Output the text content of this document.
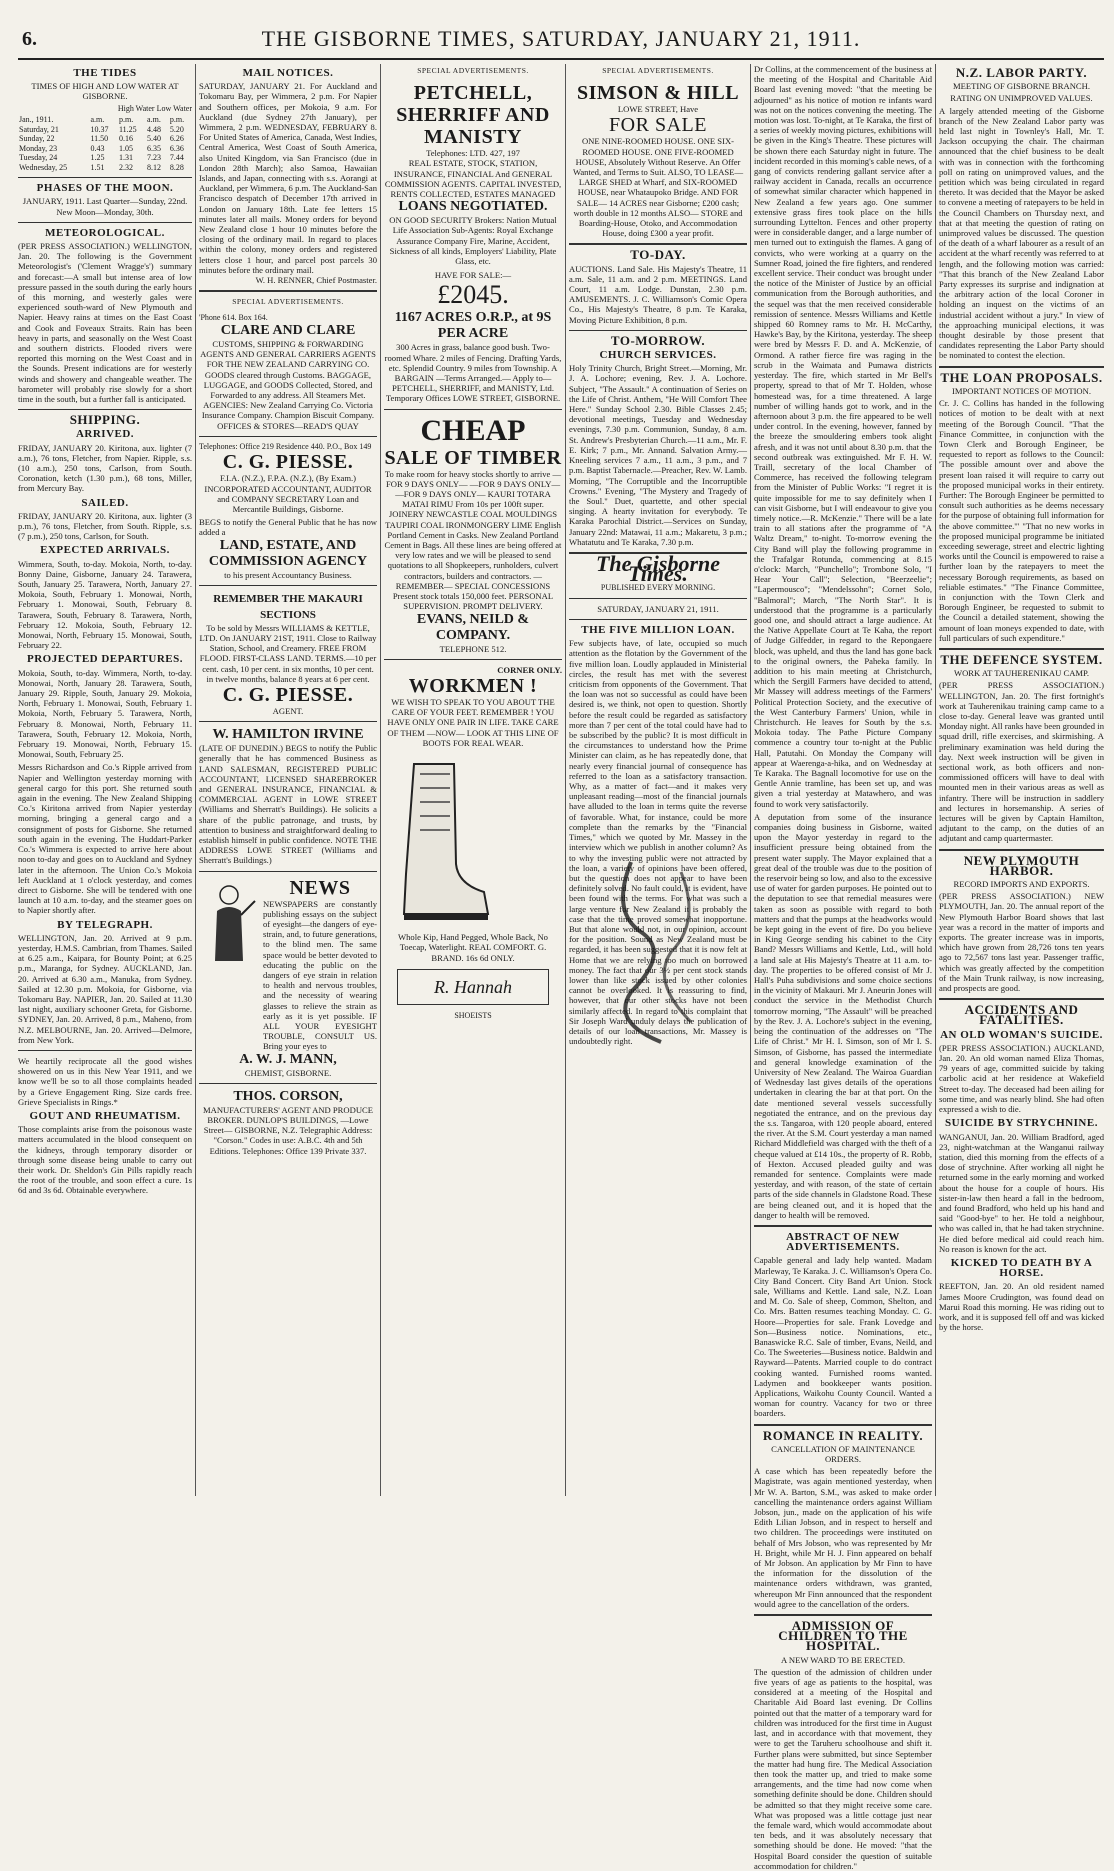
6.	THE GISBORNE TIMES, SATURDAY, JANUARY 21, 1911.
THE TIDES
TIMES OF HIGH AND LOW WATER AT GISBORNE.
High Water Low Water
Jan., 1911.	a.m.	p.m.	a.m.	p.m.
Saturday, 21	10.37	11.25	4.48	5.20
Sunday, 22	11.50	0.16	5.40	6.26
Monday, 23	0.43	1.05	6.35	6.36
Tuesday, 24	1.25	1.31	7.23	7.44
Wednesday, 25	1.51	2.32	8.12	8.28
PHASES OF THE MOON.
JANUARY, 1911. Last Quarter—Sunday, 22nd. New Moon—Monday, 30th.
METEOROLOGICAL.
(PER PRESS ASSOCIATION.) WELLINGTON, Jan. 20. The following is the Government Meteorologist's ('Clement Wragge's') summary and forecast:—A small but intense area of low pressure passed in the south during the early hours of this morning, and westerly gales were experienced south-ward of New Plymouth and Napier. Heavy rains at times on the East Coast and Cook and Foveaux Straits. Rain has been heavy in parts, and seasonally on the West Coast and southern districts. Flooded rivers were reported this morning on the West Coast and in the Sounds. Present indications are for westerly winds and showery and changeable weather. The barometer will probably rise slowly for a short time in the south, but a further fall is anticipated.
SHIPPING.
ARRIVED.
FRIDAY, JANUARY 20. Kiritona, aux. lighter (7 a.m.), 76 tons, Fletcher, from Napier. Ripple, s.s. (10 a.m.), 250 tons, Carlson, from South. Coronation, ketch (1.30 p.m.), 68 tons, Miller, from Mercury Bay.
SAILED.
FRIDAY, JANUARY 20. Kiritona, aux. lighter (3 p.m.), 76 tons, Fletcher, from South. Ripple, s.s. (7 p.m.), 250 tons, Carlson, for South.
EXPECTED ARRIVALS.
Wimmera, South, to-day. Mokoia, North, to-day. Bonny Daine, Gisborne, January 24. Tarawera, South, January 25. Tarawera, North, January 27. Mokoia, South, February 1. Monowai, North, February 1. Monowai, South, February 8. Tarawera, South, February 8. Tarawera, North, February 12. Mokoia, South, February 12. Monowai, North, February 15. Monowai, South, February 22.
PROJECTED DEPARTURES.
Mokoia, South, to-day. Wimmera, North, to-day. Monowai, North, January 28. Tarawera, South, January 29. Ripple, South, January 29. Mokoia, North, February 1. Monowai, South, February 1. Mokoia, North, February 5. Tarawera, North, February 8. Monowai, North, February 11. Tarawera, South, February 12. Mokoia, North, February 19. Monowai, North, February 15. Monowai, South, February 25.
Messrs Richardson and Co.'s Ripple arrived from Napier and Wellington yesterday morning with general cargo for this port. She returned south again in the evening. The New Zealand Shipping Co.'s Kiritona arrived from Napier yesterday morning, bringing a general cargo and a consignment of posts for Gisborne. She returned south again in the evening. The Huddart-Parker Co.'s Wimmera is expected to arrive here about noon to-day and goes on to Auckland and Sydney later in the afternoon. The Union Co.'s Mokoia left Auckland at 1 o'clock yesterday, and comes direct to Gisborne. She will be tendered with one launch at 10 a.m. to-day, and the steamer goes on to Napier shortly after.
BY TELEGRAPH.
WELLINGTON, Jan. 20. Arrived at 9 p.m. yesterday, H.M.S. Cambrian, from Thames. Sailed at 6.25 a.m., Kaipara, for Bounty Point; at 6.25 p.m., Maranga, for Sydney. AUCKLAND, Jan. 20. Arrived at 6.30 a.m., Manuka, from Sydney. Sailed at 12.30 p.m. Mokoia, for Gisborne, via Tokomaru Bay. NAPIER, Jan. 20. Sailed at 11.30 last night, auxiliary schooner Greta, for Gisborne. SYDNEY, Jan. 20. Arrived, 8 p.m., Maheno, from N.Z. MELBOURNE, Jan. 20. Arrived—Delmore, from New York.
We heartily reciprocate all the good wishes showered on us in this New Year 1911, and we know we'll be so to all those complaints headed by a Grieve Engagement Ring. Size cards free. Grieve Specialists in Rings.*
GOUT AND RHEUMATISM.
Those complaints arise from the poisonous waste matters accumulated in the blood consequent on the kidneys, through temporary disorder or through some disease being unable to carry out their work. Dr. Sheldon's Gin Pills rapidly reach the root of the trouble, and soon effect a cure. 1s 6d and 3s 6d. Obtainable everywhere.
MAIL NOTICES.
SATURDAY, JANUARY 21. For Auckland and Tokomaru Bay, per Wimmera, 2 p.m. For Napier and Southern offices, per Mokoia, 9 a.m. For Auckland (due Sydney 27th January), per Wimmera, 2 p.m. WEDNESDAY, FEBRUARY 8. For United States of America, Canada, West Indies, Central America, West Coast of South America, also United Kingdom, via San Francisco (due in London 28th March); also Samoa, Hawaiian Islands, and Japan, connecting with s.s. Aorangi at Auckland, per Wimmera, 6 p.m. The Auckland-San Francisco despatch of December 17th arrived in London on January 18th. Late fee letters 15 minutes later all mails. Money orders for beyond New Zealand close 1 hour 10 minutes before the closing of the ordinary mail. In regard to places within the colony, money orders and registered letters close 1 hour, and parcel post parcels 30 minutes before the ordinary mail.
W. H. RENNER, Chief Postmaster.
SPECIAL ADVERTISEMENTS.
'Phone 614. Box 164.
CLARE AND CLARE
CUSTOMS, SHIPPING & FORWARDING AGENTS AND GENERAL CARRIERS AGENTS FOR THE NEW ZEALAND CARRYING CO. GOODS cleared through Customs. BAGGAGE, LUGGAGE, and GOODS Collected, Stored, and Forwarded to any address. All Steamers Met. AGENCIES: New Zealand Carrying Co. Victoria Insurance Company. Champion Biscuit Company. OFFICES & STORES—READ'S QUAY
Telephones: Office 219 Residence 440. P.O., Box 149
C. G. PIESSE.
F.I.A. (N.Z.), F.P.A. (N.Z.), (By Exam.) INCORPORATED ACCOUNTANT, AUDITOR and COMPANY SECRETARY Loan and Mercantile Buildings, Gisborne.
BEGS to notify the General Public that he has now added a
LAND, ESTATE, AND COMMISSION AGENCY
to his present Accountancy Business.
REMEMBER THE MAKAURI SECTIONS
To be sold by Messrs WILLIAMS & KETTLE, LTD. On JANUARY 21ST, 1911. Close to Railway Station, School, and Creamery. FREE FROM FLOOD. FIRST-CLASS LAND. TERMS.—10 per cent. cash, 10 per cent. in six months, 10 per cent. in twelve months, balance 8 years at 6 per cent.
C. G. PIESSE.
AGENT.
W. HAMILTON IRVINE
(LATE OF DUNEDIN.) BEGS to notify the Public generally that he has commenced Business as LAND SALESMAN, REGISTERED PUBLIC ACCOUNTANT, LICENSED SHAREBROKER and GENERAL INSURANCE, FINANCIAL & COMMERCIAL AGENT in LOWE STREET (Williams and Sherratt's Buildings). He solicits a share of the public patronage, and trusts, by attention to business and straightforward dealing to establish himself in public confidence. NOTE THE ADDRESS LOWE STREET (Williams and Sherratt's Buildings.)
NEWS
NEWSPAPERS are constantly publishing essays on the subject of eyesight—the dangers of eye-strain, and, to future generations, to the blind men. The same space would be better devoted to educating the public on the dangers of eye strain in relation to health and nervous troubles, and the necessity of wearing glasses to relieve the strain as early as it is yet possible. IF ALL YOUR EYESIGHT TROUBLE, CONSULT US. Bring your eyes to
A. W. J. MANN,
CHEMIST, GISBORNE.
THOS. CORSON,
MANUFACTURERS' AGENT AND PRODUCE BROKER. DUNLOP'S BUILDINGS, —Lowe Street— GISBORNE, N.Z. Telegraphic Address: "Corson." Codes in use: A.B.C. 4th and 5th Editions. Telephones: Office 139 Private 337.
SPECIAL ADVERTISEMENTS.
PETCHELL, SHERRIFF AND MANISTY
Telephones: LTD. 427, 197
REAL ESTATE, STOCK, STATION, INSURANCE, FINANCIAL And GENERAL COMMISSION AGENTS. CAPITAL INVESTED, RENTS COLLECTED, ESTATES MANAGED
LOANS NEGOTIATED.
ON GOOD SECURITY Brokers: Nation Mutual Life Association Sub-Agents: Royal Exchange Assurance Company Fire, Marine, Accident, Sickness of all kinds, Employers' Liability, Plate Glass, etc.
HAVE FOR SALE:—
£2045.
1167 ACRES O.R.P., at 9S PER ACRE
300 Acres in grass, balance good bush. Two-roomed Whare. 2 miles of Fencing. Drafting Yards, etc. Splendid Country. 9 miles from Township. A BARGAIN —Terms Arranged.— Apply to— PETCHELL, SHERRIFF, and MANISTY, Ltd. Temporary Offices LOWE STREET, GISBORNE.
CHEAP
SALE OF TIMBER
To make room for heavy stocks shortly to arrive —FOR 9 DAYS ONLY— —FOR 9 DAYS ONLY— —FOR 9 DAYS ONLY— KAURI TOTARA MATAI RIMU From 10s per 100ft super. JOINERY NEWCASTLE COAL MOULDINGS TAUPIRI COAL IRONMONGERY LIME English Portland Cement in Casks. New Zealand Portland Cement in Bags. All these lines are being offered at very low rates and we will be pleased to send quotations to all Shopkeepers, runholders, culvert contractors, builders and contractors. —REMEMBER— SPECIAL CONCESSIONS Present stock totals 150,000 feet. PERSONAL SUPERVISION. PROMPT DELIVERY.
EVANS, NEILD & COMPANY.
TELEPHONE 512.
CORNER ONLY.
WORKMEN !
WE WISH TO SPEAK TO YOU ABOUT THE CARE OF YOUR FEET. REMEMBER ! YOU HAVE ONLY ONE PAIR IN LIFE. TAKE CARE OF THEM —NOW— LOOK AT THIS LINE OF BOOTS FOR REAL WEAR.
Whole Kip, Hand Pegged, Whole Back, No Toecap, Waterlight. REAL COMFORT. G. BRAND. 16s 6d ONLY.
R. Hannah
SHOEISTS
SPECIAL ADVERTISEMENTS.
SIMSON & HILL
LOWE STREET, Have
FOR SALE
ONE NINE-ROOMED HOUSE. ONE SIX-ROOMED HOUSE. ONE FIVE-ROOMED HOUSE, Absolutely Without Reserve. An Offer Wanted, and Terms to Suit. ALSO, TO LEASE— LARGE SHED at Wharf, and SIX-ROOMED HOUSE, near Whataupoko Bridge. AND FOR SALE— 14 ACRES near Gisborne; £200 cash; worth double in 12 months ALSO— STORE and Boarding-House, Otoko, and Accommodation House, doing £300 a year profit.
TO-DAY.
AUCTIONS. Land Sale. His Majesty's Theatre, 11 a.m. Sale, 11 a.m. and 2 p.m. MEETINGS. Land Court, 11 a.m. Lodge. Dunstan, 2.30 p.m. AMUSEMENTS. J. C. Williamson's Comic Opera Co., His Majesty's Theatre, 8 p.m. Te Karaka, Moving Picture Exhibition, 8 p.m.
TO-MORROW.
CHURCH SERVICES.
Holy Trinity Church, Bright Street.—Morning, Mr. J. A. Lochore; evening, Rev. J. A. Lochore. Subject, "The Assault." A continuation of Series on the Life of Christ. Anthem, "He Will Comfort Thee Here." Sunday School 2.30. Bible Classes 2.45; devotional meetings, Tuesday and Wednesday evenings, 7.30 p.m. Communion, Sunday, 8 a.m. St. Andrew's Presbyterian Church.—11 a.m., Mr. F. E. Kirk; 7 p.m., Mr. Annand. Salvation Army.—Kneeling services 7 a.m., 11 a.m., 3 p.m., and 7 p.m. Baptist Tabernacle.—Preacher, Rev. W. Lamb. Morning, "The Corruptible and the Incorruptible Crowns." Evening, "The Mystery and Tragedy of the Soul." Duet, quartette, and other special singing. A hearty invitation for everybody. Te Karaka Parochial District.—Services on Sunday, January 22nd: Matawai, 11 a.m.; Makaretu, 3 p.m.; Whatatutu and Te Karaka, 7.30 p.m.
The Gisborne Times.
PUBLISHED EVERY MORNING.
SATURDAY, JANUARY 21, 1911.
THE FIVE MILLION LOAN.
Few subjects have, of late, occupied so much attention as the flotation by the Government of the five million loan. Loudly applauded in Ministerial circles, the result has met with the severest criticism from opponents of the Government. That the loan was not so successful as could have been desired is, we think, not open to question. Shortly before the result could be regarded as satisfactory more than 7 per cent of the total could have had to be subscribed by the public? It is most difficult in the circumstances to understand how the Prime Minister can claim, as he has repeatedly done, that nearly every financial journal of consequence has referred to the loan as a satisfactory transaction. Why, as a matter of fact—and it makes very unpleasant reading—most of the financial journals have alluded to the loan in terms quite the reverse of favorable. What, for instance, could be more complete than the remarks by the "Financial Times," which we quoted by Mr. Massey in the interview which we publish in another column? As to why the investing public were not attracted by the loan, a variety of opinions have been offered, but the question does not appear to have been definitely solved. No fault could, it is evident, have been found with the terms. For what was such a large venture for New Zealand it is probably the case that the time proved somewhat inopportune. But that alone would not, in our opinion, account for the position. Sound as New Zealand must be regarded, it has been suggested that it is now felt at Home that we are relying too much on borrowed money. The fact that our 3½ per cent stock stands lower than like stock issued by other colonies cannot be overlooked. It is reassuring to find, however, that our other stocks have not been similarly affected. In regard to this complaint that Sir Joseph Ward unduly delays the publication of details of our loan transactions, Mr. Massey is undoubtedly right.
Dr Collins, at the commencement of the business at the meeting of the Hospital and Charitable Aid Board last evening moved: "that the meeting be adjourned" as his notice of motion re infants ward was not on the notices convening the meeting. The motion was lost. To-night, at Te Karaka, the first of a series of weekly moving pictures, exhibitions will be given in the King's Theatre. These pictures will be shown there each Saturday night in future. The incident recorded in this morning's cable news, of a gang of convicts rendering gallant service after a railway accident in Canada, recalls an occurrence of somewhat similar character which happened in New Zealand a few years ago. One summer extensive grass fires took place on the hills surrounding Lyttelton. Fences and other property were in considerable danger, and a large number of men turned out to extinguish the flames. A gang of convicts, who were working at a quarry on the Sumner Road, joined the fire fighters, and rendered excellent service. Their conduct was brought under the notice of the Minister of Justice by an official communication from the Borough authorities, and the sequel was that the men received considerable remission of sentence. Messrs Williams and Kettle shipped 60 Romney rams to Mr. H. McCarthy, Hawke's Bay, by the Kiritona, yesterday. The sheep were bred by Messrs F. D. and A. McKenzie, of Ormond. A rather fierce fire was raging in the scrub in the Waimata and Pumawa districts yesterday. The fire, which started in Mr Bell's property, spread to that of Mr T. Holden, whose homestead was, for a time threatened. A large number of willing hands got to work, and in the afternoon about 3 p.m. the fire appeared to be well under control. In the evening, however, fanned by the breeze the smouldering embers took alight afresh, and it was not until about 8.30 p.m. that the second outbreak was extinguished. Mr F. H. W. Traill, secretary of the local Chamber of Commerce, has received the following telegram from the Minister of Public Works: "I regret it is quite impossible for me to say definitely when I can visit Gisborne, but I will endeavour to give you timely notice.—R. McKenzie." There will be a late train to all stations after the programme of "A Waltz Dream," to-night. To-morrow evening the City Band will play the following programme in the Trafalgar Rotunda, commencing at 8.15 o'clock: March, "Punchello"; Trombone Solo, "I Hear Your Call"; Selection, "Beerzeelie"; "Lapermousco"; "Mendelssohn"; Cornet Solo, "Balmoral"; March, "The North Star". It is understood that the programme is a particularly good one, and should attract a large audience. At the Native Appellate Court at Te Kaha, the report of Judge Gilfedder, in regard to the Repongaere block, was upheld, and thus the land has gone back to the original owners, the Paheka family. In addition to his main meeting at Christchurch, which the Sergill Farmers have decided to attend, Mr Massey will address meetings of the Farmers' Political Protection Society, and the executive of the West Canterbury Farmers' Union, while in Christchurch. He leaves for South by the s.s. Mokoia today. The Pathe Picture Company commence a country tour to-night at the Public Hall, Patutahi. On Monday the Company will appear at Waerenga-a-hika, and on Wednesday at Te Karaka. The Bagnall locomotive for use on the Gentle Annie tramline, has been set up, and was given a trial yesterday at Matawhero, and was found to work very satisfactorily.
A deputation from some of the insurance companies doing business in Gisborne, waited upon the Mayor yesterday in regard to the insufficient pressure being obtained from the present water supply. The Mayor explained that a great deal of the trouble was due to the position of the reservoir being so low, and also to the excessive use of water for garden purposes. He pointed out to the deputation to see that remedial measures were taken as soon as possible with regard to both matters and that the pumps at the headworks would be kept going in the event of fire. Do you believe in King George sending his cabinet to the City Band? Messrs Williams and Kettle, Ltd., will hold a land sale at His Majesty's Theatre at 11 a.m. to-day. The properties to be offered consist of Mr J. Hall's Puha subdivisions and some choice sections in the vicinity of Makauri. Mr J. Aneurin Jones will conduct the service in the Methodist Church tomorrow morning, "The Assault" will be preached by the Rev. J. A. Lochore's subject in the evening, being the continuation of the addresses on "The Life of Christ." Mr H. I. Simson, son of Mr I. S. Simson, of Gisborne, has passed the intermediate and general knowledge examination of the University of New Zealand. The Wairoa Guardian of Wednesday last gives details of the operations undertaken in clearing the bar at that port. On the date mentioned several vessels successfully negotiated the entrance, and on the previous day the s.s. Tangaroa, with 120 people aboard, entered the river. At the S.M. Court yesterday a man named Richard Middlefield was charged with the theft of a cheque valued at £14 10s., the property of R. Robb, of Hexton. Accused pleaded guilty and was remanded for sentence. Complaints were made yesterday, and with reason, of the state of certain parts of the side channels in Gladstone Road. These are being cleaned out, and it is hoped that the danger to health will be removed.
ABSTRACT OF NEW ADVERTISEMENTS.
Capable general and lady help wanted. Madam Marleway, Te Karaka. J. C. Williamson's Opera Co. City Band Concert. City Band Art Union. Stock sale, Williams and Kettle. Land sale, N.Z. Loan and M. Co. Sale of sheep, Common, Shelton, and Co. Mrs. Batten resumes teaching Monday. C. G. Hoore—Properties for sale. Frank Lovedge and Son—Business notice. Nominations, etc., Banaswicke R.C. Sale of timber, Evans, Neild, and Co. The Sweeteries—Business notice. Baldwin and Rayward—Patents. Married couple to do contract cooking wanted. Furnished rooms wanted. Ladymen and bookkeeper wants position. Applications, Waikohu County Council. Wanted a woman for country. Vacancy for two or three boarders.
ROMANCE IN REALITY.
CANCELLATION OF MAINTENANCE ORDERS.
A case which has been repeatedly before the Magistrate, was again mentioned yesterday, when Mr W. A. Barton, S.M., was asked to make order cancelling the maintenance orders against William Jobson, jun., made on the application of his wife Edith Lilian Jobson, and in respect to herself and two children. The proceedings were instituted on behalf of Mrs Jobson, who was represented by Mr H. Bright, while Mr H. J. Finn appeared on behalf of Mr Jobson. An application by Mr Finn to have the information for the dissolution of the maintenance orders withdrawn, was granted, whereupon Mr Finn announced that the respondent would agree to the cancellation of the orders.
ADMISSION OF CHILDREN TO THE HOSPITAL.
A NEW WARD TO BE ERECTED.
The question of the admission of children under five years of age as patients to the hospital, was considered at a meeting of the Hospital and Charitable Aid Board last evening. Dr Collins pointed out that the matter of a temporary ward for children was introduced for the first time in August last, and in accordance with that movement, they were to get the Taruheru schoolhouse and shift it. Further plans were submitted, but since September the matter had hung fire. The Medical Association then took the matter up, and tried to make some arrangements, and the time had now come when something definite should be done. Children should be admitted so that they might receive some care. What was proposed was a little cottage just near the female ward, which would accommodate about ten beds, and it was absolutely necessary that something should be done. He moved: "that the Hospital Board consider the question of suitable accommodation for children."
N.Z. LABOR PARTY.
MEETING OF GISBORNE BRANCH.
RATING ON UNIMPROVED VALUES.
A largely attended meeting of the Gisborne branch of the New Zealand Labor party was held last night in Townley's Hall, Mr. T. Jackson occupying the chair. The chairman announced that the chief business to be dealt with was in connection with the forthcoming poll on rating on unimproved values, and the petition which was being circulated in regard thereto. It was decided that the Mayor be asked to convene a meeting of ratepayers to be held in the Council Chambers on Thursday next, and that at that meeting the question of rating on unimproved values be discussed. The question of the death of a wharf labourer as a result of an accident at the wharf recently was referred to at length, and the following motion was carried: "That this branch of the New Zealand Labor Party expresses its surprise and indignation at the arbitrary action of the local Coroner in holding an inquest on the victims of an industrial accident without a jury." In view of the approaching municipal elections, it was thought desirable by those present that candidates representing the Labor Party should be nominated to contest the election.
THE LOAN PROPOSALS.
IMPORTANT NOTICES OF MOTION.
Cr. J. C. Collins has handed in the following notices of motion to be dealt with at next meeting of the Borough Council. "That the Finance Committee, in conjunction with the Town Clerk and Borough Engineer, be requested to report as follows to the Council: 'The possible amount over and above the present loan raised it will require to carry out the proposed municipal works in their entirety. Further: The Borough Engineer be permitted to consult such authorities as he deems necessary for the purpose of obtaining full information for the above committee.'" "That no new works in the proposed municipal programme be initiated exceeding sewerage, street and electric lighting works until the Council is empowered to raise a further loan by the ratepayers to meet the necessary Borough requirements, as based on reliable estimates." "The Finance Committee, in conjunction with the Town Clerk and Borough Engineer, be requested to submit to the Council a detailed statement, showing the amount of loan moneys expended to date, with full particulars of such expenditure."
THE DEFENCE SYSTEM.
WORK AT TAUHERENIKAU CAMP.
(PER PRESS ASSOCIATION.) WELLINGTON, Jan. 20. The first fortnight's work at Tauherenikau training camp came to a close to-day. General leave was granted until Monday night. All ranks have been grounded in squad drill, rifle exercises, and skirmishing. A preliminary examination was held during the day. Next week instruction will be given in sectional work, as both officers and non-commissioned officers will have to deal with mounted men in their various areas as well as infantry. There will be instruction in saddlery and lectures in horsemanship. A series of lectures will be given by Captain Hamilton, adjutant to the camp, on the duties of an adjutant and camp quartermaster.
NEW PLYMOUTH HARBOR.
RECORD IMPORTS AND EXPORTS.
(PER PRESS ASSOCIATION.) NEW PLYMOUTH, Jan. 20. The annual report of the New Plymouth Harbor Board shows that last year was a record in the matter of imports and exports. The greater increase was in imports, which have grown from 28,726 tons ten years ago to 72,567 tons last year. Passenger traffic, which was greatly affected by the competition of the Main Trunk railway, is now increasing, and prospects are good.
ACCIDENTS AND FATALITIES.
AN OLD WOMAN'S SUICIDE.
(PER PRESS ASSOCIATION.) AUCKLAND, Jan. 20. An old woman named Eliza Thomas, 79 years of age, committed suicide by taking carbolic acid at her residence at Wakefield Street to-day. The deceased had been ailing for some time, and was nearly blind. She had often expressed a wish to die.
SUICIDE BY STRYCHNINE.
WANGANUI, Jan. 20. William Bradford, aged 23, night-watchman at the Wanganui railway station, died this morning from the effects of a dose of strychnine. After working all night he returned some in the early morning and worked about the house for a couple of hours. His sister-in-law then heard a fall in the bedroom, and found Bradford, who held up his hand and said "Good-bye" to her. He told a neighbour, who was called in, that he had taken strychnine. He died before medical aid could reach him. No reason is known for the act.
KICKED TO DEATH BY A HORSE.
REEFTON, Jan. 20. An old resident named James Moore Crudington, was found dead on Marui Road this morning. He was riding out to work, and it is supposed fell off and was kicked by the horse.
